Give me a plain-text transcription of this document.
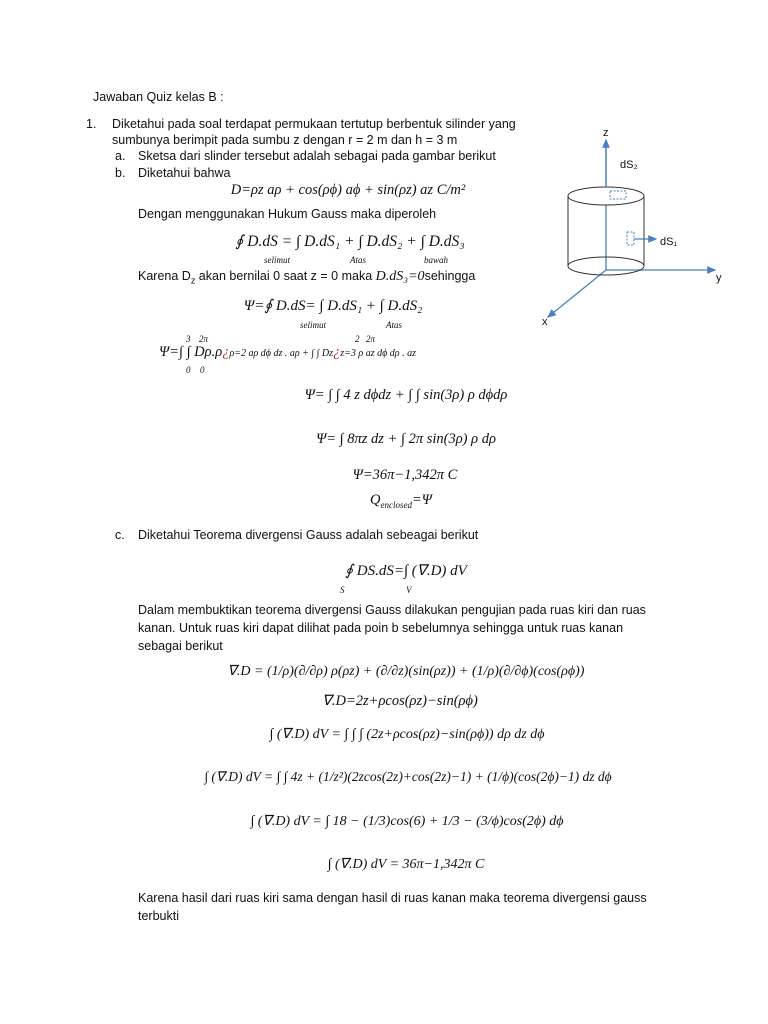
Jawaban Quiz kelas B :
1. Diketahui pada soal terdapat permukaan tertutup berbentuk silinder yang
sumbunya berimpit pada sumbu z dengan r = 2 m dan h = 3 m
a. Sketsa dari slinder tersebut adalah sebagai pada gambar berikut
b. Diketahui bahwa
D=ρz aρ + cos(ρϕ) aϕ + sin(ρz) az C/m²
Dengan menggunakan Hukum Gauss maka diperoleh
∮ D.dS = ∫ D.dS₁ + ∫ D.dS₂ + ∫ D.dS₃
selimut	Atas	bawah
Karena $D_z$ akan bernilai 0 saat z = 0 maka D.dS₃=0sehingga
Ψ=∮ D.dS= ∫ D.dS₁ + ∫ D.dS₂
selimut	Atas
Ψ=∫ ∫ Dρ.ρ¿ρ=2 aρ dϕ dz . aρ + ∫ ∫ Dz¿z=3 ρ az dϕ dρ . az
3 2π
0 0
2 2π
Ψ= ∫ ∫ 4 z dϕdz + ∫ ∫ sin(3ρ) ρ dϕdρ
Ψ= ∫ 8πz dz + ∫ 2π sin(3ρ) ρ dρ
Ψ=36π−1,342π C
$Q_{enclosed}=\Psi$
c. Diketahui Teorema divergensi Gauss adalah sebeagai berikut
∮ DS.dS=∫ (∇.D) dV
S	V
Dalam membuktikan teorema divergensi Gauss dilakukan pengujian pada ruas kiri dan ruas
kanan. Untuk ruas kiri dapat dilihat pada poin b sebelumnya sehingga untuk ruas kanan
sebagai berikut
∇.D = (1/ρ)(∂/∂ρ) ρ(ρz) + (∂/∂z)(sin(ρz)) + (1/ρ)(∂/∂ϕ)(cos(ρϕ))
∇.D=2z+ρcos(ρz)−sin(ρϕ)
∫ (∇.D) dV = ∫ ∫ ∫ (2z+ρcos(ρz)−sin(ρϕ)) dρ dz dϕ
∫ (∇.D) dV = ∫ ∫ 4z + (1/z²)(2zcos(2z)+cos(2z)−1) + (1/ϕ)(cos(2ϕ)−1) dz dϕ
∫ (∇.D) dV = ∫ 18 − (1/3)cos(6) + 1/3 − (3/ϕ)cos(2ϕ) dϕ
∫ (∇.D) dV = 36π−1,342π C
Karena hasil dari ruas kiri sama dengan hasil di ruas kanan maka teorema divergensi gauss
terbukti
z
y
x
dS₂
dS₁
